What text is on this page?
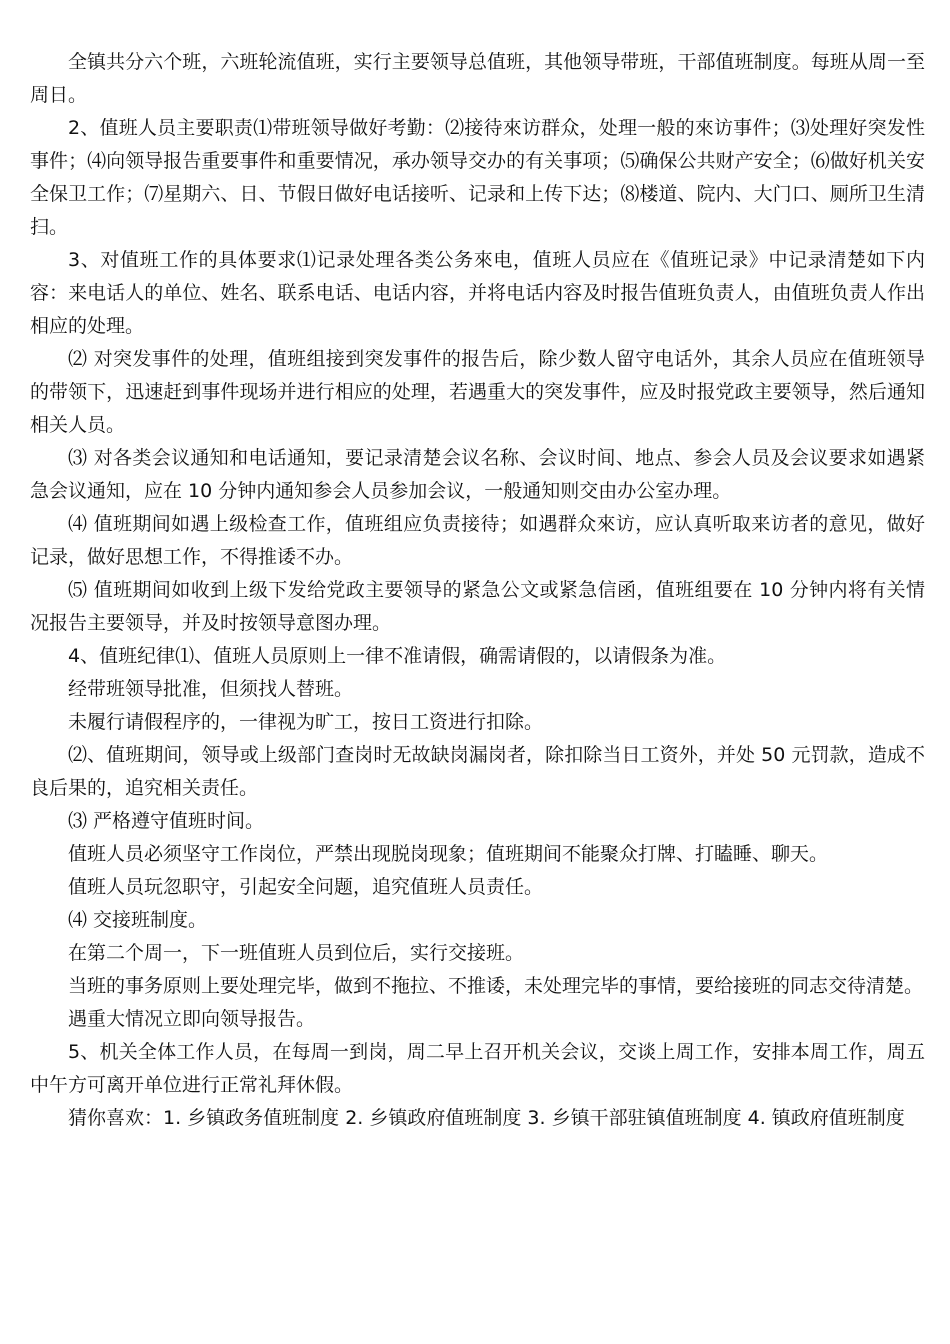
全镇共分六个班，六班轮流值班，实行主要领导总值班，其他领导带班，干部值班制度。每班从周一至周日。

2、值班人员主要职责⑴带班领导做好考勤：⑵接待來访群众，处理一般的來访事件；⑶处理好突发性事件；⑷向领导报告重要事件和重要情况，承办领导交办的有关事项；⑸确保公共财产安全；⑹做好机关安全保卫工作；⑺星期六、日、节假日做好电话接听、记录和上传下达；⑻楼道、院内、大门口、厕所卫生清扫。

3、对值班工作的具体要求⑴记录处理各类公务來电，值班人员应在《值班记录》中记录清楚如下内容：来电话人的单位、姓名、联系电话、电话内容，并将电话内容及时报告值班负责人，由值班负责人作出相应的处理。

⑵ 对突发事件的处理，值班组接到突发事件的报告后，除少数人留守电话外，其余人员应在值班领导的带领下，迅速赶到事件现场并进行相应的处理，若遇重大的突发事件，应及时报党政主要领导，然后通知相关人员。

⑶ 对各类会议通知和电话通知，要记录清楚会议名称、会议时间、地点、参会人员及会议要求如遇紧急会议通知，应在 10 分钟内通知参会人员参加会议，一般通知则交由办公室办理。

⑷ 值班期间如遇上级检查工作，值班组应负责接待；如遇群众來访，应认真听取来访者的意见，做好记录，做好思想工作，不得推诿不办。

⑸ 值班期间如收到上级下发给党政主要领导的紧急公文或紧急信函，值班组要在 10 分钟内将有关情况报告主要领导，并及时按领导意图办理。

4、值班纪律⑴、值班人员原则上一律不准请假，确需请假的，以请假条为准。

经带班领导批准，但须找人替班。

未履行请假程序的，一律视为旷工，按日工资进行扣除。

⑵、值班期间，领导或上级部门查岗时无故缺岗漏岗者，除扣除当日工资外，并处 50 元罚款，造成不良后果的，追究相关责任。

⑶ 严格遵守值班时间。

值班人员必须坚守工作岗位，严禁出现脱岗现象；值班期间不能聚众打牌、打瞌睡、聊天。

值班人员玩忽职守，引起安全问题，追究值班人员责任。

⑷ 交接班制度。

在第二个周一，下一班值班人员到位后，实行交接班。

当班的事务原则上要处理完毕，做到不拖拉、不推诿，未处理完毕的事情，要给接班的同志交待清楚。

遇重大情况立即向领导报告。

5、机关全体工作人员，在每周一到岗，周二早上召开机关会议，交谈上周工作，安排本周工作，周五中午方可离开单位进行正常礼拜休假。

猜你喜欢：1. 乡镇政务值班制度 2. 乡镇政府值班制度 3. 乡镇干部驻镇值班制度 4. 镇政府值班制度
